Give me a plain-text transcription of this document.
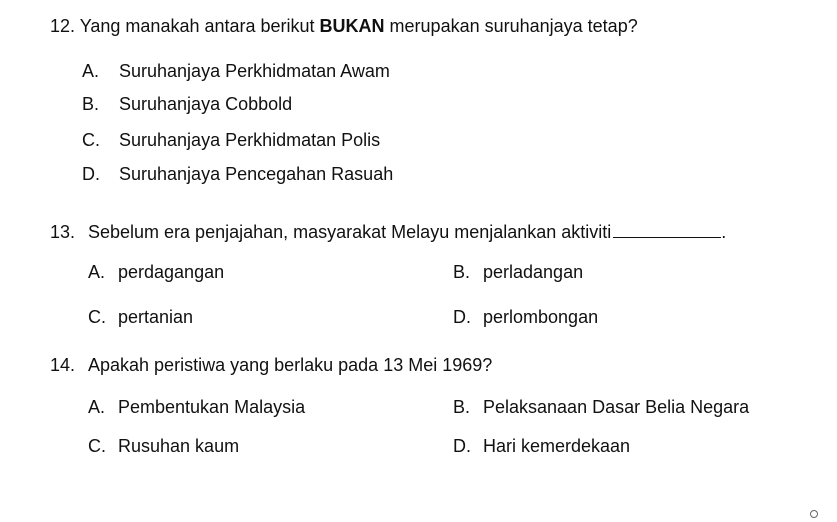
12. Yang manakah antara berikut BUKAN merupakan suruhanjaya tetap?
A. Suruhanjaya Perkhidmatan Awam
B. Suruhanjaya Cobbold
C. Suruhanjaya Perkhidmatan Polis
D. Suruhanjaya Pencegahan Rasuah
13. Sebelum era penjajahan, masyarakat Melayu menjalankan aktiviti	.
A. perdagangan	B. perladangan
C. pertanian	D. perlombongan
14. Apakah peristiwa yang berlaku pada 13 Mei 1969?
A. Pembentukan Malaysia	B. Pelaksanaan Dasar Belia Negara
C. Rusuhan kaum	D. Hari kemerdekaan
